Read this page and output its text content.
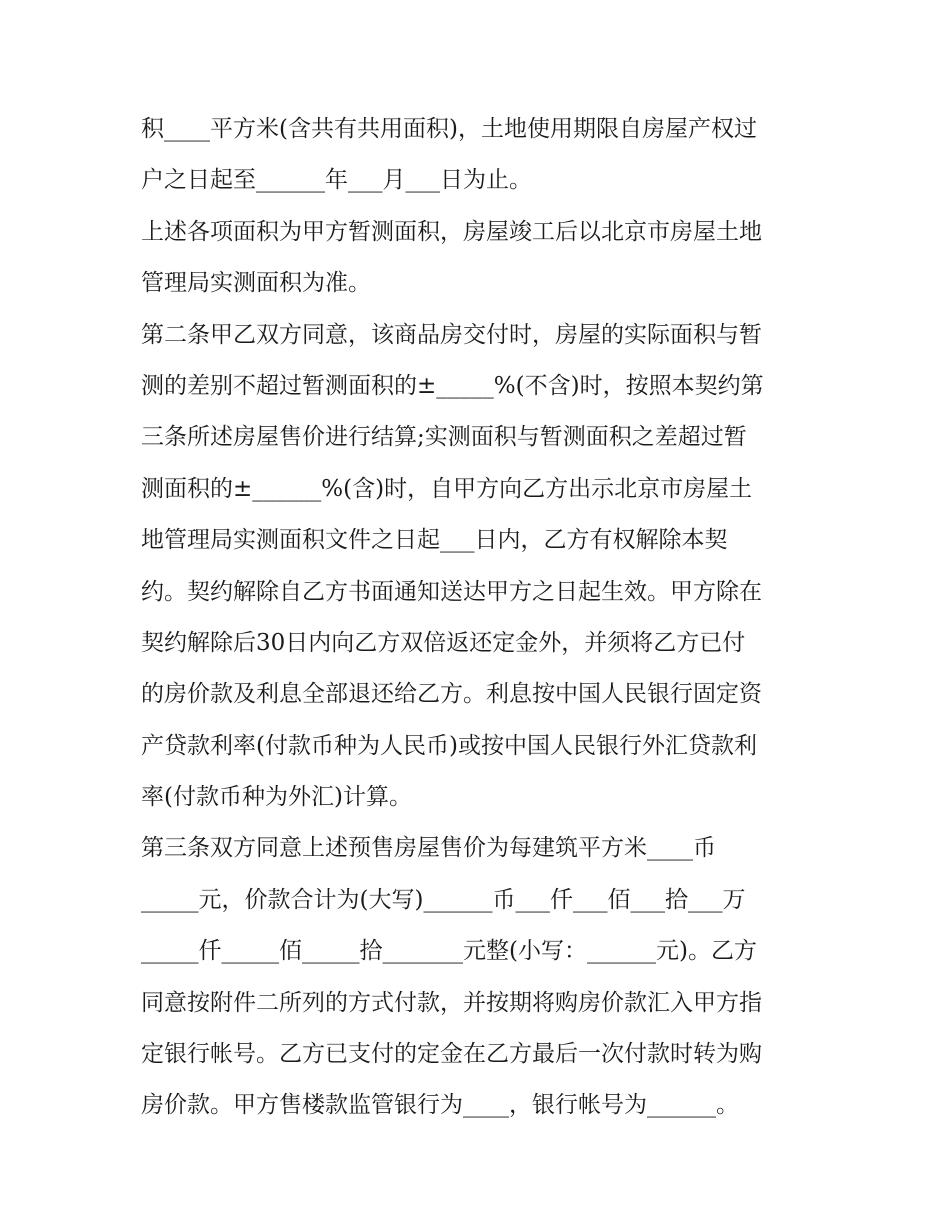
积____平方米(含共有共用面积)，土地使用期限自房屋产权过
户之日起至______年___月___日为止。
上述各项面积为甲方暂测面积，房屋竣工后以北京市房屋土地
管理局实测面积为准。
第二条甲乙双方同意，该商品房交付时，房屋的实际面积与暂
测的差别不超过暂测面积的±_____%(不含)时，按照本契约第
三条所述房屋售价进行结算;实测面积与暂测面积之差超过暂
测面积的±______%(含)时，自甲方向乙方出示北京市房屋土
地管理局实测面积文件之日起___日内，乙方有权解除本契
约。契约解除自乙方书面通知送达甲方之日起生效。甲方除在
契约解除后30日内向乙方双倍返还定金外，并须将乙方已付
的房价款及利息全部退还给乙方。利息按中国人民银行固定资
产贷款利率(付款币种为人民币)或按中国人民银行外汇贷款利
率(付款币种为外汇)计算。
第三条双方同意上述预售房屋售价为每建筑平方米____币
_____元，价款合计为(大写)______币___仟___佰___拾___万
_____仟_____佰_____拾_______元整(小写：______元)。乙方
同意按附件二所列的方式付款，并按期将购房价款汇入甲方指
定银行帐号。乙方已支付的定金在乙方最后一次付款时转为购
房价款。甲方售楼款监管银行为____，银行帐号为______。
